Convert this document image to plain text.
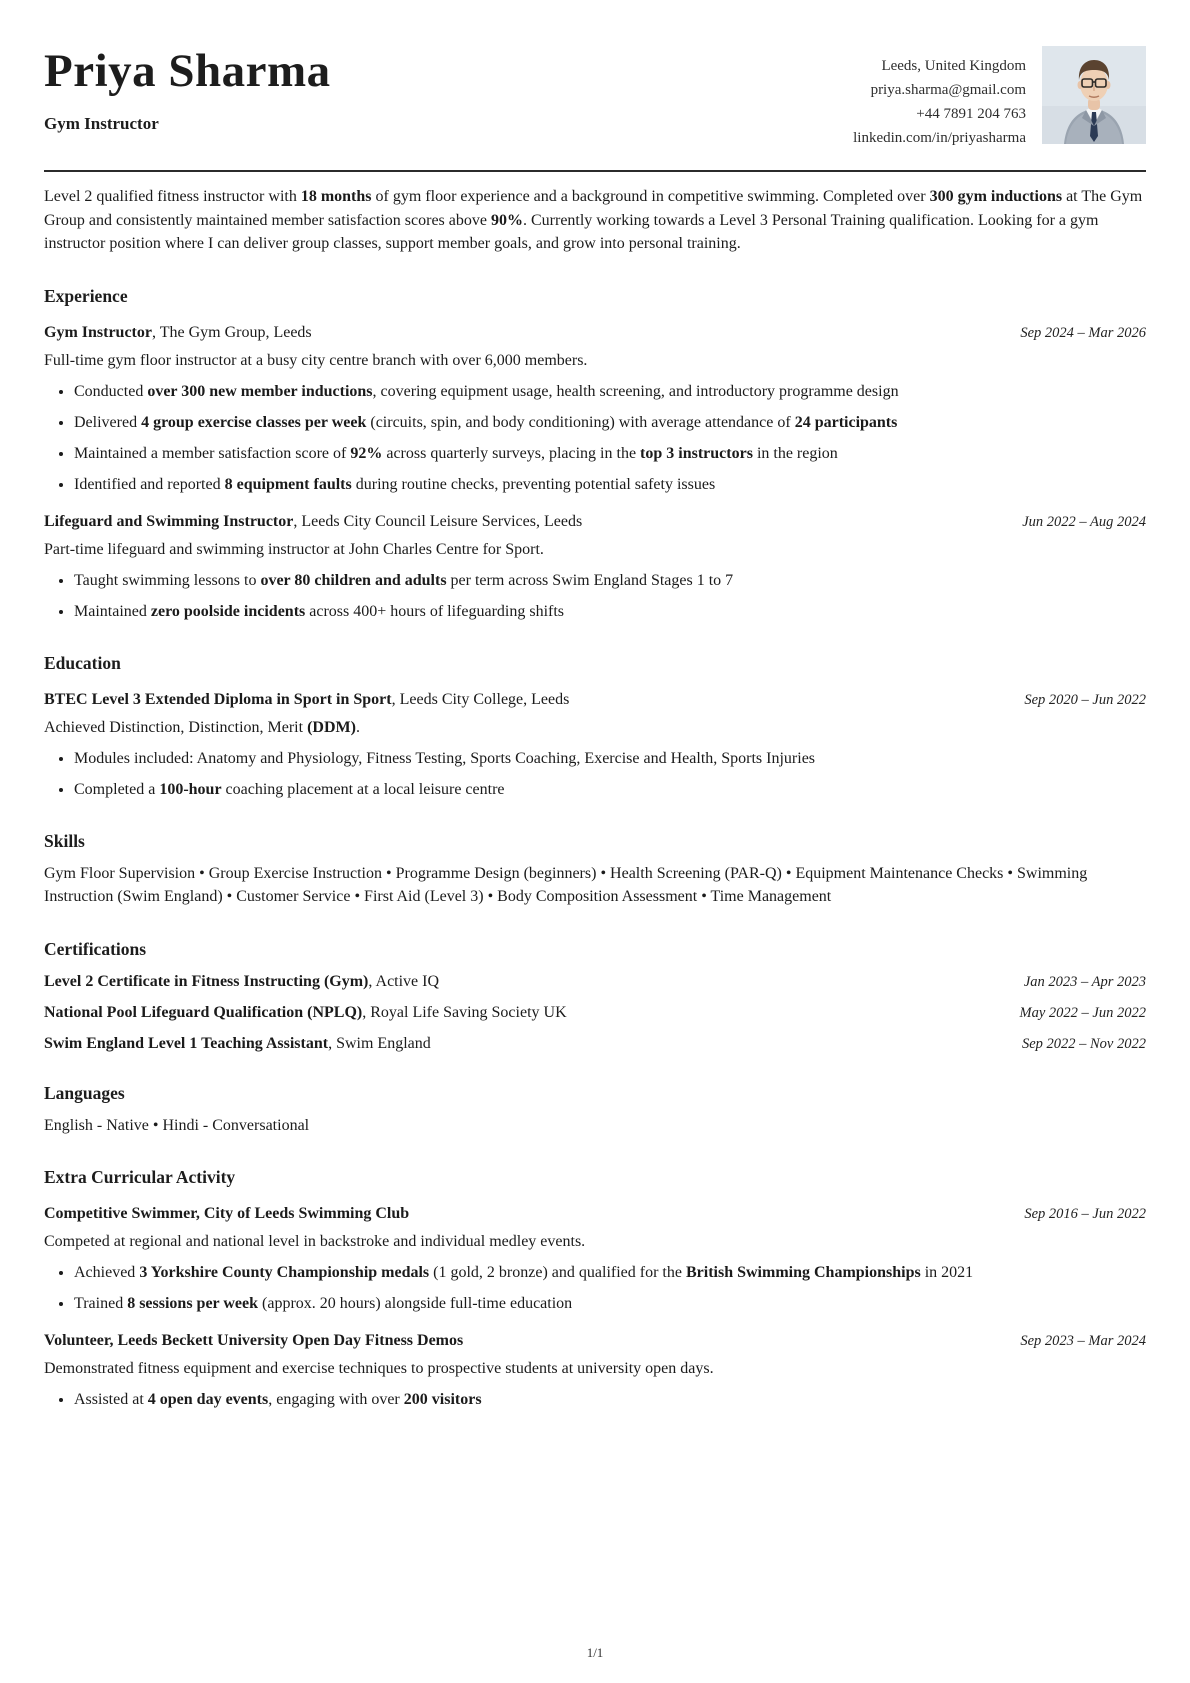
Priya Sharma
Gym Instructor
Leeds, United Kingdom
priya.sharma@gmail.com
+44 7891 204 763
linkedin.com/in/priyasharma

Level 2 qualified fitness instructor with 18 months of gym floor experience and a background in competitive swimming. Completed over 300 gym inductions at The Gym Group and consistently maintained member satisfaction scores above 90%. Currently working towards a Level 3 Personal Training qualification. Looking for a gym instructor position where I can deliver group classes, support member goals, and grow into personal training.

Experience
Gym Instructor, The Gym Group, Leeds	Sep 2024 – Mar 2026

Full-time gym floor instructor at a busy city centre branch with over 6,000 members.

• Conducted over 300 new member inductions, covering equipment usage, health screening, and introductory programme design
• Delivered 4 group exercise classes per week (circuits, spin, and body conditioning) with average attendance of 24 participants
• Maintained a member satisfaction score of 92% across quarterly surveys, placing in the top 3 instructors in the region
• Identified and reported 8 equipment faults during routine checks, preventing potential safety issues
Lifeguard and Swimming Instructor, Leeds City Council Leisure Services, Leeds	Jun 2022 – Aug 2024

Part-time lifeguard and swimming instructor at John Charles Centre for Sport.

• Taught swimming lessons to over 80 children and adults per term across Swim England Stages 1 to 7
• Maintained zero poolside incidents across 400+ hours of lifeguarding shifts
Education
BTEC Level 3 Extended Diploma in Sport in Sport, Leeds City College, Leeds	Sep 2020 – Jun 2022

Achieved Distinction, Distinction, Merit (DDM).

• Modules included: Anatomy and Physiology, Fitness Testing, Sports Coaching, Exercise and Health, Sports Injuries
• Completed a 100-hour coaching placement at a local leisure centre
Skills

Gym Floor Supervision • Group Exercise Instruction • Programme Design (beginners) • Health Screening (PAR-Q) • Equipment Maintenance Checks • Swimming Instruction (Swim England) • Customer Service • First Aid (Level 3) • Body Composition Assessment • Time Management

Certifications
Level 2 Certificate in Fitness Instructing (Gym), Active IQ	Jan 2023 – Apr 2023
National Pool Lifeguard Qualification (NPLQ), Royal Life Saving Society UK	May 2022 – Jun 2022
Swim England Level 1 Teaching Assistant, Swim England	Sep 2022 – Nov 2022
Languages

English - Native • Hindi - Conversational

Extra Curricular Activity
Competitive Swimmer, City of Leeds Swimming Club	Sep 2016 – Jun 2022

Competed at regional and national level in backstroke and individual medley events.

• Achieved 3 Yorkshire County Championship medals (1 gold, 2 bronze) and qualified for the British Swimming Championships in 2021
• Trained 8 sessions per week (approx. 20 hours) alongside full-time education
Volunteer, Leeds Beckett University Open Day Fitness Demos	Sep 2023 – Mar 2024

Demonstrated fitness equipment and exercise techniques to prospective students at university open days.

• Assisted at 4 open day events, engaging with over 200 visitors
1/1
